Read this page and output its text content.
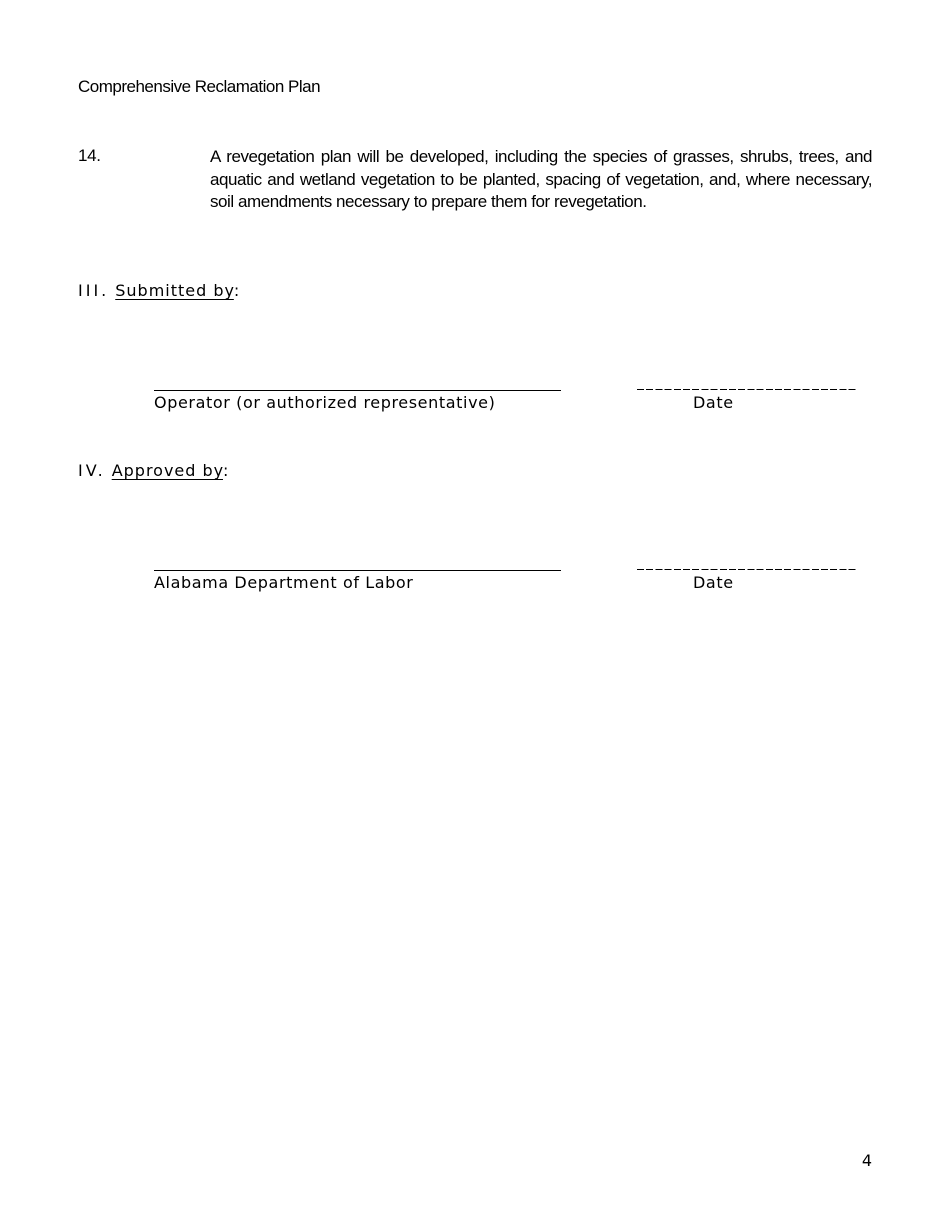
Comprehensive Reclamation Plan
14.	A revegetation plan will be developed, including the species of grasses, shrubs, trees, and aquatic and wetland vegetation to be planted, spacing of vegetation, and, where necessary, soil amendments necessary to prepare them for revegetation.
III. Submitted by:
Operator (or authorized representative)	Date
IV. Approved by:
Alabama Department of Labor	Date
4
